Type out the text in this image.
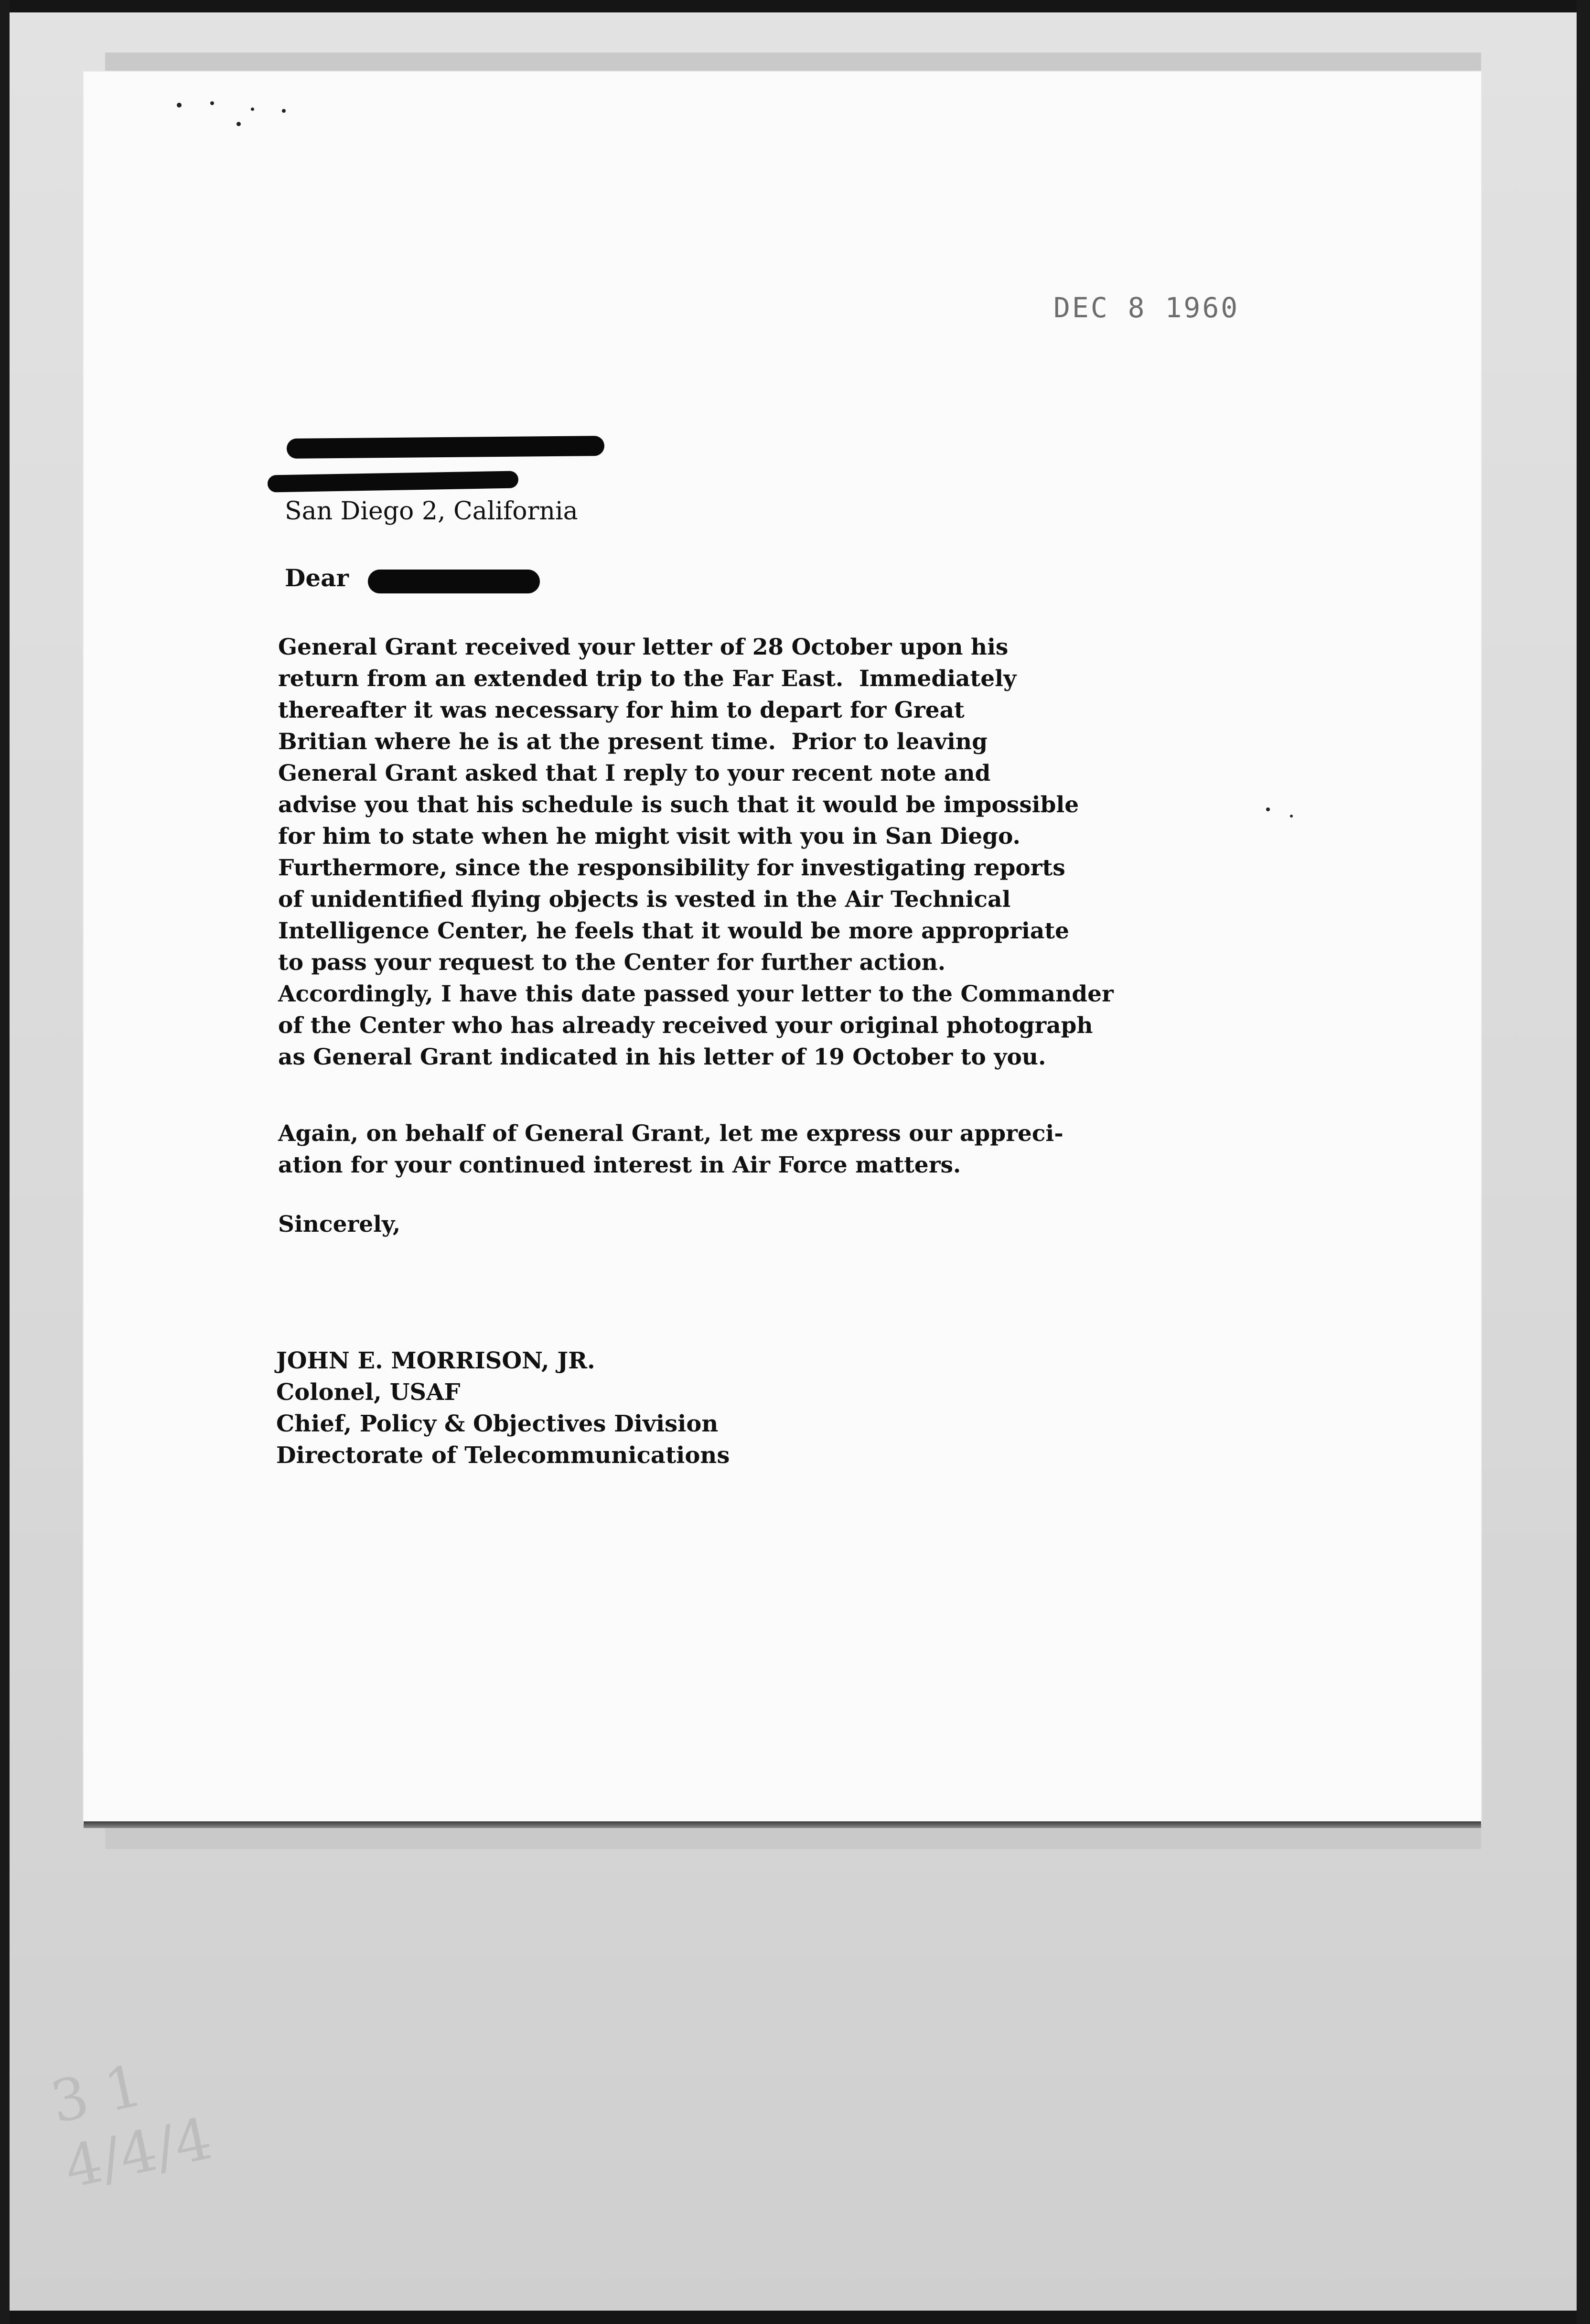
DEC 8 1960
San Diego 2, California
Dear
General Grant received your letter of 28 October upon his
return from an extended trip to the Far East.  Immediately
thereafter it was necessary for him to depart for Great
Britian where he is at the present time.  Prior to leaving
General Grant asked that I reply to your recent note and
advise you that his schedule is such that it would be impossible
for him to state when he might visit with you in San Diego.
Furthermore, since the responsibility for investigating reports
of unidentified flying objects is vested in the Air Technical
Intelligence Center, he feels that it would be more appropriate
to pass your request to the Center for further action.
Accordingly, I have this date passed your letter to the Commander
of the Center who has already received your original photograph
as General Grant indicated in his letter of 19 October to you.
Again, on behalf of General Grant, let me express our appreci-
ation for your continued interest in Air Force matters.
Sincerely,
JOHN E. MORRISON, JR.
Colonel, USAF
Chief, Policy & Objectives Division
Directorate of Telecommunications
3 1
4/4/4
